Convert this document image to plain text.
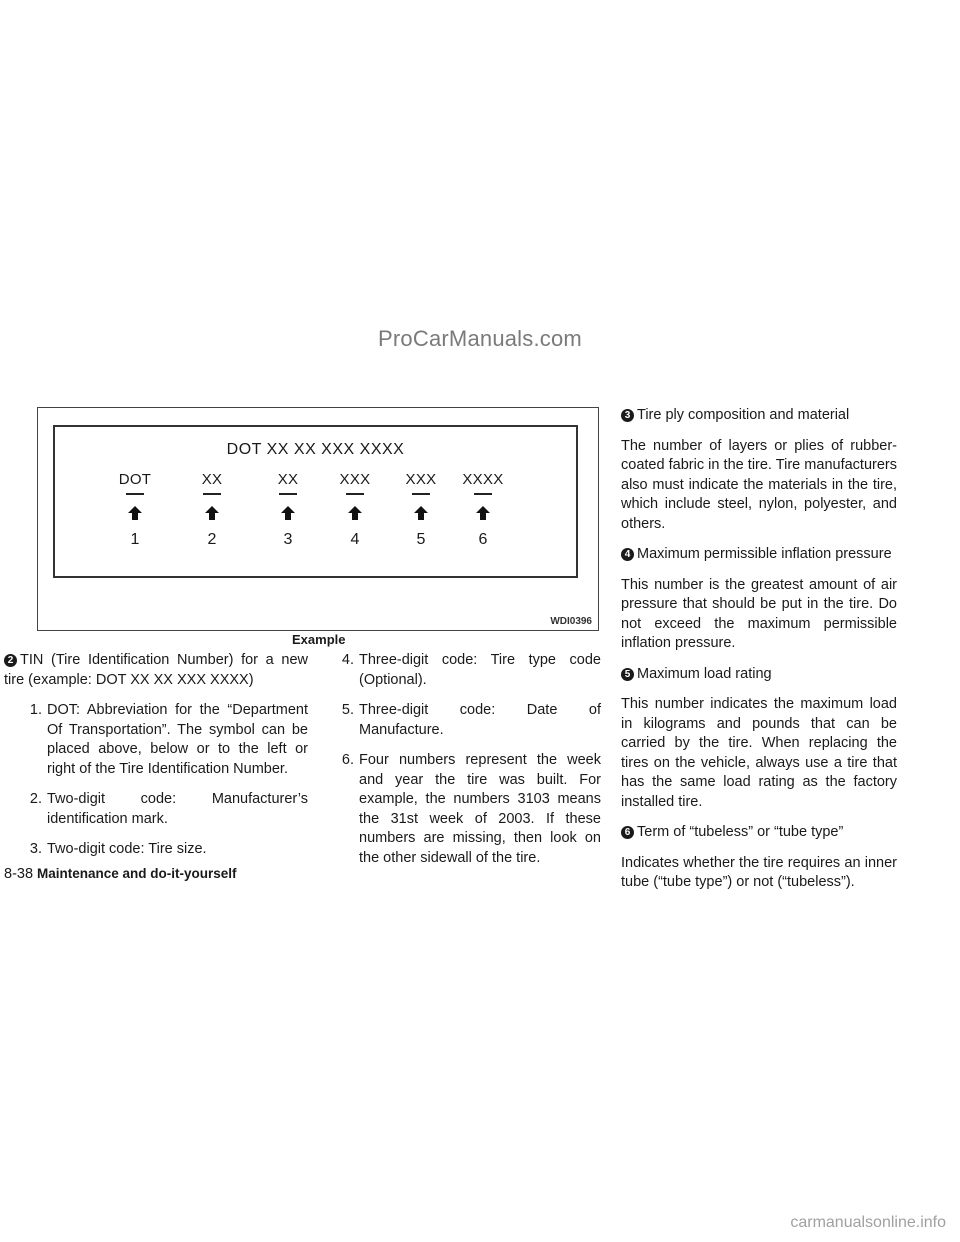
ProCarManuals.com
DOT XX XX XXX XXXX
DOT
1
XX
2
XX
3
XXX
4
XXX
5
XXXX
6
WDI0396
Example

2 TIN (Tire Identification Number) for a new tire (example: DOT XX XX XXX XXXX)

1. DOT: Abbreviation for the “Department Of Transportation”. The symbol can be placed above, below or to the left or right of the Tire Identification Number.
2. Two-digit code: Manufacturer’s identification mark.
3. Two-digit code: Tire size.
4. Three-digit code: Tire type code (Optional).
5. Three-digit code: Date of Manufacture.
6. Four numbers represent the week and year the tire was built. For example, the numbers 3103 means the 31st week of 2003. If these numbers are missing, then look on the other sidewall of the tire.

3 Tire ply composition and material

The number of layers or plies of rubber-coated fabric in the tire. Tire manufacturers also must indicate the materials in the tire, which include steel, nylon, polyester, and others.

4 Maximum permissible inflation pressure

This number is the greatest amount of air pressure that should be put in the tire. Do not exceed the maximum permissible inflation pressure.

5 Maximum load rating

This number indicates the maximum load in kilograms and pounds that can be carried by the tire. When replacing the tires on the vehicle, always use a tire that has the same load rating as the factory installed tire.

6 Term of “tubeless” or “tube type”

Indicates whether the tire requires an inner tube (“tube type”) or not (“tubeless”).

8-38 Maintenance and do-it-yourself
carmanualsonline.info
